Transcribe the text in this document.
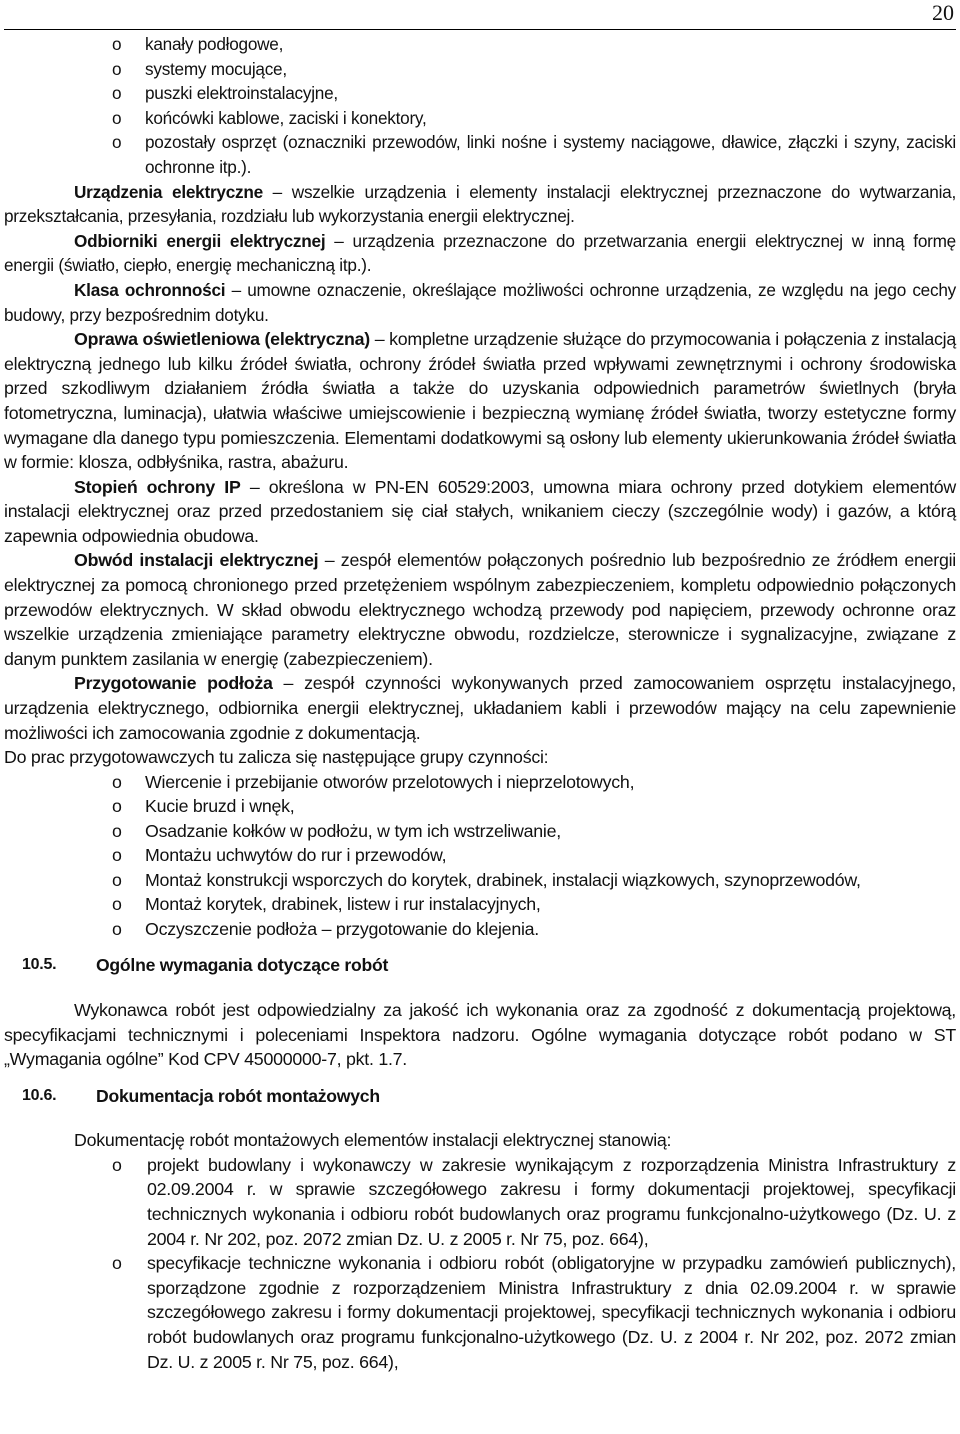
20
o kanały podłogowe,
o systemy mocujące,
o puszki elektroinstalacyjne,
o końcówki kablowe, zaciski i konektory,
o pozostały osprzęt (oznaczniki przewodów, linki nośne i systemy naciągowe, dławice, złączki i szyny, zaciski ochronne itp.).

Urządzenia elektryczne – wszelkie urządzenia i elementy instalacji elektrycznej przeznaczone do wytwarzania, przekształcania, przesyłania, rozdziału lub wykorzystania energii elektrycznej.

Odbiorniki energii elektrycznej – urządzenia przeznaczone do przetwarzania energii elektrycznej w inną formę energii (światło, ciepło, energię mechaniczną itp.).

Klasa ochronności – umowne oznaczenie, określające możliwości ochronne urządzenia, ze względu na jego cechy budowy, przy bezpośrednim dotyku.

Oprawa oświetleniowa (elektryczna) – kompletne urządzenie służące do przymocowania i połączenia z instalacją elektryczną jednego lub kilku źródeł światła, ochrony źródeł światła przed wpływami zewnętrznymi i ochrony środowiska przed szkodliwym działaniem źródła światła a także do uzyskania odpowiednich parametrów świetlnych (bryła fotometryczna, luminacja), ułatwia właściwe umiejscowienie i bezpieczną wymianę źródeł światła, tworzy estetyczne formy wymagane dla danego typu pomieszczenia. Elementami dodatkowymi są osłony lub elementy ukierunkowania źródeł światła w formie: klosza, odbłyśnika, rastra, abażuru.

Stopień ochrony IP – określona w PN-EN 60529:2003, umowna miara ochrony przed dotykiem elementów instalacji elektrycznej oraz przed przedostaniem się ciał stałych, wnikaniem cieczy (szczególnie wody) i gazów, a którą zapewnia odpowiednia obudowa.

Obwód instalacji elektrycznej – zespół elementów połączonych pośrednio lub bezpośrednio ze źródłem energii elektrycznej za pomocą chronionego przed przetężeniem wspólnym zabezpieczeniem, kompletu odpowiednio połączonych przewodów elektrycznych. W skład obwodu elektrycznego wchodzą przewody pod napięciem, przewody ochronne oraz wszelkie urządzenia zmieniające parametry elektryczne obwodu, rozdzielcze, sterownicze i sygnalizacyjne, związane z danym punktem zasilania w energię (zabezpieczeniem).

Przygotowanie podłoża – zespół czynności wykonywanych przed zamocowaniem osprzętu instalacyjnego, urządzenia elektrycznego, odbiornika energii elektrycznej, układaniem kabli i przewodów mający na celu zapewnienie możliwości ich zamocowania zgodnie z dokumentacją.

Do prac przygotowawczych tu zalicza się następujące grupy czynności:

o Wiercenie i przebijanie otworów przelotowych i nieprzelotowych,
o Kucie bruzd i wnęk,
o Osadzanie kołków w podłożu, w tym ich wstrzeliwanie,
o Montażu uchwytów do rur i przewodów,
o Montaż konstrukcji wsporczych do korytek, drabinek, instalacji wiązkowych, szynoprzewodów,
o Montaż korytek, drabinek, listew i rur instalacyjnych,
o Oczyszczenie podłoża – przygotowanie do klejenia.
10.5.	Ogólne wymagania dotyczące robót

Wykonawca robót jest odpowiedzialny za jakość ich wykonania oraz za zgodność z dokumentacją projektową, specyfikacjami technicznymi i poleceniami Inspektora nadzoru. Ogólne wymagania dotyczące robót podano w ST „Wymagania ogólne” Kod CPV 45000000-7, pkt. 1.7.

10.6.	Dokumentacja robót montażowych

Dokumentację robót montażowych elementów instalacji elektrycznej stanowią:

o projekt budowlany i wykonawczy w zakresie wynikającym z rozporządzenia Ministra Infrastruktury z 02.09.2004 r. w sprawie szczegółowego zakresu i formy dokumentacji projektowej, specyfikacji technicznych wykonania i odbioru robót budowlanych oraz programu funkcjonalno-użytkowego (Dz. U. z 2004 r. Nr 202, poz. 2072 zmian Dz. U. z 2005 r. Nr 75, poz. 664),
o specyfikacje techniczne wykonania i odbioru robót (obligatoryjne w przypadku zamówień publicznych), sporządzone zgodnie z rozporządzeniem Ministra Infrastruktury z dnia 02.09.2004 r. w sprawie szczegółowego zakresu i formy dokumentacji projektowej, specyfikacji technicznych wykonania i odbioru robót budowlanych oraz programu funkcjonalno-użytkowego (Dz. U. z 2004 r. Nr 202, poz. 2072 zmian Dz. U. z 2005 r. Nr 75, poz. 664),
